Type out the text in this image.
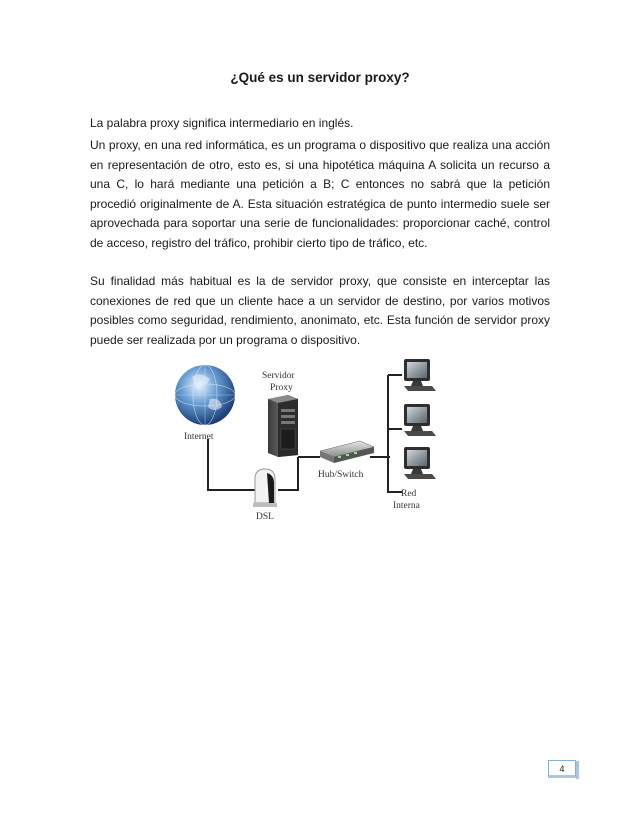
¿Qué es un servidor proxy?

La palabra proxy significa intermediario en inglés.

Un proxy, en una red informática, es un programa o dispositivo que realiza una acción en representación de otro, esto es, si una hipotética máquina A solicita un recurso a una C, lo hará mediante una petición a B; C entonces no sabrá que la petición procedió originalmente de A. Esta situación estratégica de punto intermedio suele ser aprovechada para soportar una serie de funcionalidades: proporcionar caché, control de acceso, registro del tráfico, prohibir cierto tipo de tráfico, etc.

Su finalidad más habitual es la de servidor proxy, que consiste en interceptar las conexiones de red que un cliente hace a un servidor de destino, por varios motivos posibles como seguridad, rendimiento, anonimato, etc. Esta función de servidor proxy puede ser realizada por un programa o dispositivo.

Internet
Servidor
Proxy
Hub/Switch
DSL
Red
Interna
4
